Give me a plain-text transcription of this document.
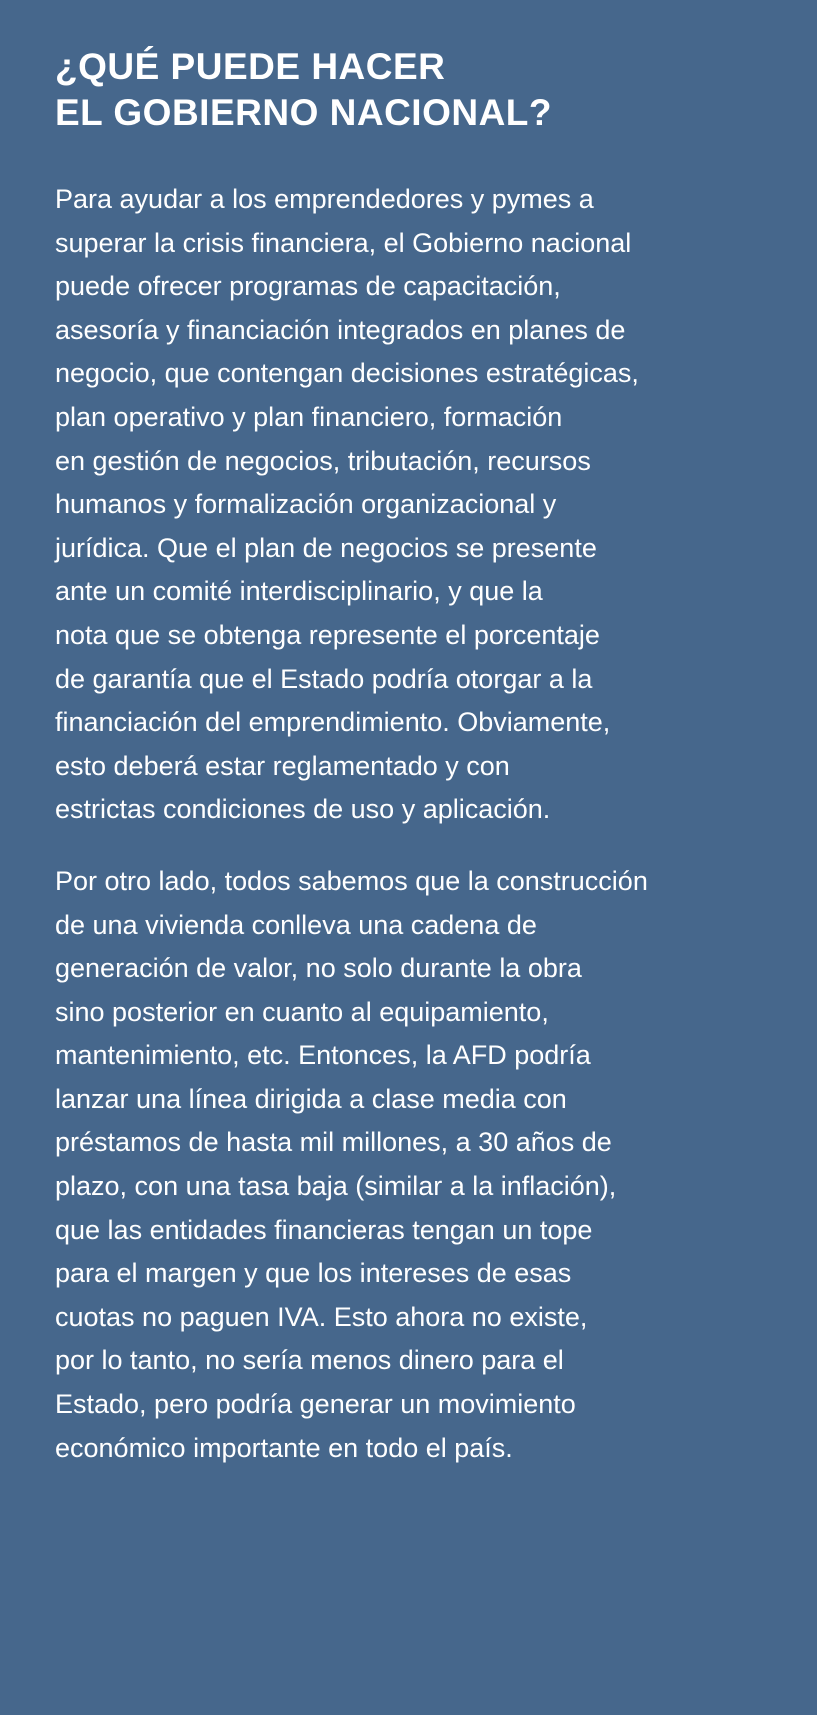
¿QUÉ PUEDE HACER
EL GOBIERNO NACIONAL?

Para ayudar a los emprendedores y pymes a
superar la crisis financiera, el Gobierno nacional
puede ofrecer programas de capacitación,
asesoría y financiación integrados en planes de
negocio, que contengan decisiones estratégicas,
plan operativo y plan financiero, formación
en gestión de negocios, tributación, recursos
humanos y formalización organizacional y
jurídica. Que el plan de negocios se presente
ante un comité interdisciplinario, y que la
nota que se obtenga represente el porcentaje
de garantía que el Estado podría otorgar a la
financiación del emprendimiento. Obviamente,
esto deberá estar reglamentado y con
estrictas condiciones de uso y aplicación.

Por otro lado, todos sabemos que la construcción
de una vivienda conlleva una cadena de
generación de valor, no solo durante la obra
sino posterior en cuanto al equipamiento,
mantenimiento, etc. Entonces, la AFD podría
lanzar una línea dirigida a clase media con
préstamos de hasta mil millones, a 30 años de
plazo, con una tasa baja (similar a la inflación),
que las entidades financieras tengan un tope
para el margen y que los intereses de esas
cuotas no paguen IVA. Esto ahora no existe,
por lo tanto, no sería menos dinero para el
Estado, pero podría generar un movimiento
económico importante en todo el país.
